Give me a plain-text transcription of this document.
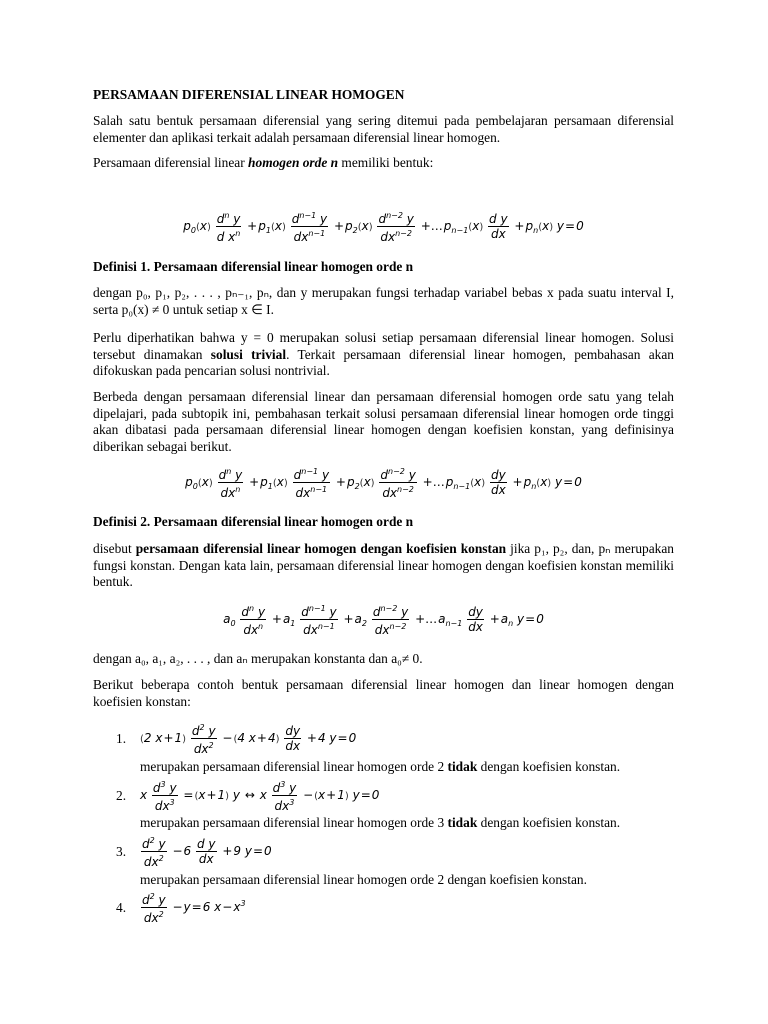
PERSAMAAN DIFERENSIAL LINEAR HOMOGEN

Salah satu bentuk persamaan diferensial yang sering ditemui pada pembelajaran persamaan diferensial elementer dan aplikasi terkait adalah persamaan diferensial linear homogen.

Persamaan diferensial linear homogen orde n memiliki bentuk:

$p_0(x) \frac{d^n y}{d x^n} +p_1(x) \frac{d^{n-1} y}{dx^{n-1}} +p_2(x) \frac{d^{n-2} y}{dx^{n-2}}$ $+\dots p_{n-1}(x) \frac{\text{d y}}{dx} +p_n(x)$ y=0
Definisi 1. Persamaan diferensial linear homogen orde n

dengan p₀, p₁, p₂, . . . , pₙ₋₁, pₙ, dan y merupakan fungsi terhadap variabel bebas x pada suatu interval I, serta p₀(x) ≠ 0 untuk setiap x ∈ I.

Perlu diperhatikan bahwa y = 0 merupakan solusi setiap persamaan diferensial linear homogen. Solusi tersebut dinamakan solusi trivial. Terkait persamaan diferensial linear homogen, pembahasan akan difokuskan pada pencarian solusi nontrivial.

Berbeda dengan persamaan diferensial linear dan persamaan diferensial homogen orde satu yang telah dipelajari, pada subtopik ini, pembahasan terkait solusi persamaan diferensial linear homogen orde tinggi akan dibatasi pada persamaan diferensial linear homogen dengan koefisien konstan, yang definisinya diberikan sebagai berikut.

$p_0(x) \frac{d^n y}{dx^n} +p_1(x) \frac{d^{n-1} y}{dx^{n-1}} +p_2(x) \frac{d^{n-2} y}{dx^{n-2}}$ $+\dots p_{n-1}(x) \frac{dy}{dx} +p_n(x)$ y=0
Definisi 2. Persamaan diferensial linear homogen orde n

disebut persamaan diferensial linear homogen dengan koefisien konstan jika p₁, p₂, dan, pₙ merupakan fungsi konstan. Dengan kata lain, persamaan diferensial linear homogen dengan koefisien konstan memiliki bentuk.

$a_0 \frac{d^n y}{dx^n} +a_1 \frac{d^{n-1} y}{dx^{n-1}} +a_2 \frac{d^{n-2} y}{dx^{n-2}}$ $+\dots a_{n-1} \frac{dy}{dx} +a_n$ y=0

dengan a₀, a₁, a₂, . . . , dan aₙ merupakan konstanta dan a₀≠ 0.

Berikut beberapa contoh bentuk persamaan diferensial linear homogen dan linear homogen dengan koefisien konstan:

1. (2 $x+1) \frac{d^2 y}{dx^2} -(4$ $x+4) \frac{dy}{dx} +4$ y=0
merupakan persamaan diferensial linear homogen orde 2 tidak dengan koefisien konstan.
2. x $\frac{d^3 y}{dx^3} =(x+1)$ y ↔ x $\frac{d^3 y}{dx^3} -(x+1)$ y=0
merupakan persamaan diferensial linear homogen orde 3 tidak dengan koefisien konstan.
3. $\frac{d^2 y}{dx^2} -6 \frac{\text{d y}}{dx} +9$ y=0
merupakan persamaan diferensial linear homogen orde 2 dengan koefisien konstan.
4. $\frac{d^2 y}{dx^2} -y=6$ $x-x^3$
